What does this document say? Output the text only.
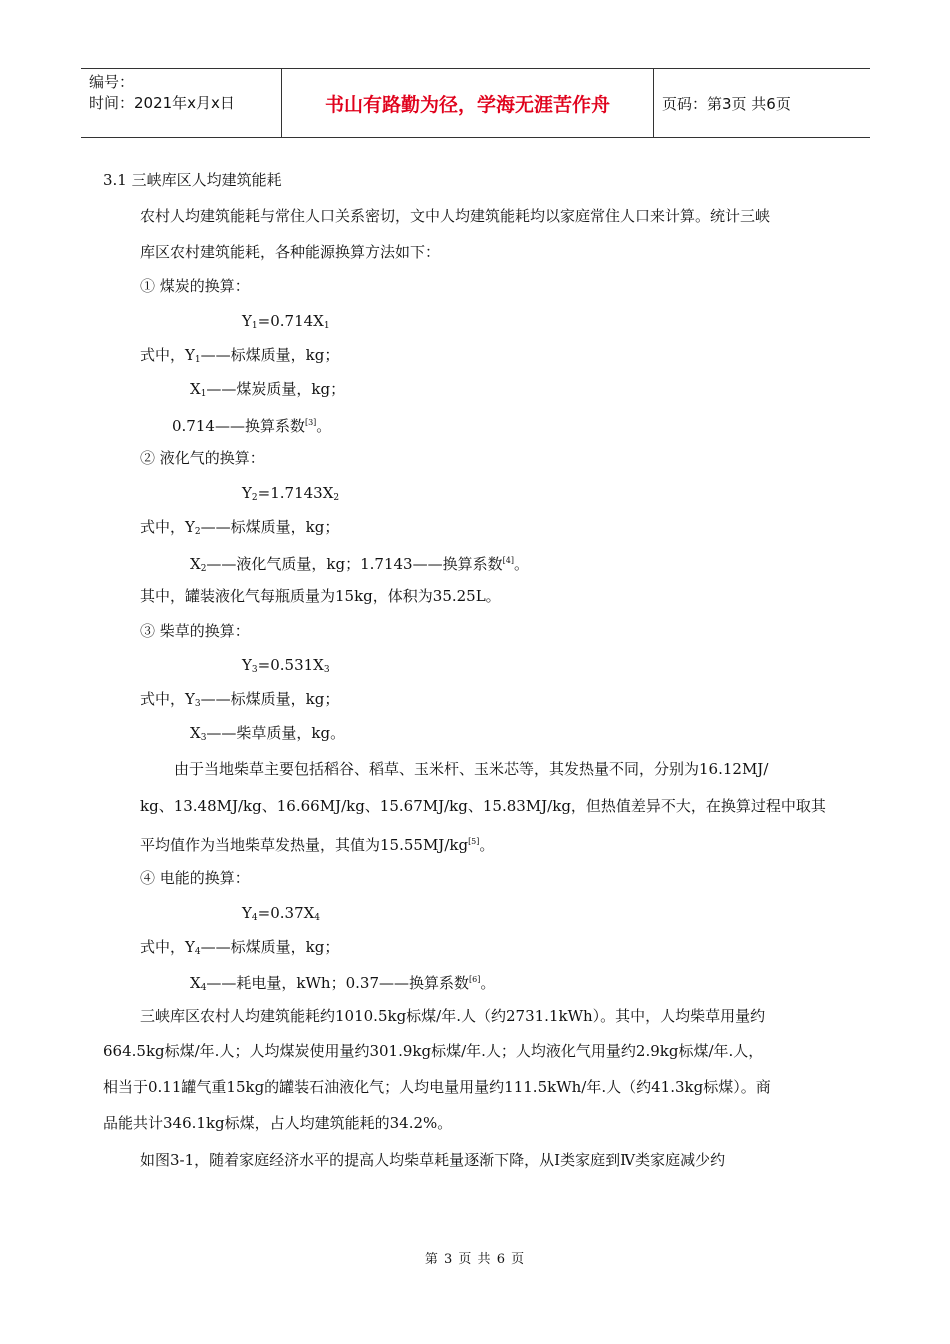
编号：
时间：2021年x月x日	书山有路勤为径，学海无涯苦作舟	页码：第3页 共6页
3.1 三峡库区人均建筑能耗
农村人均建筑能耗与常住人口关系密切，文中人均建筑能耗均以家庭常住人口来计算。统计三峡
库区农村建筑能耗，各种能源换算方法如下：
① 煤炭的换算：
$Y_1=0.714X_1$
式中，$Y_1——$标煤质量，kg；
$X_1——$煤炭质量，kg；
0.714——换算系数[3]。
② 液化气的换算：
$Y_2=1.7143X_2$
式中，$Y_2——$标煤质量，kg；
$X_2——$液化气质量，kg；1.7143——换算系数[4]。
其中，罐装液化气每瓶质量为15kg，体积为35.25L。
③ 柴草的换算：
$Y_3=0.531X_3$
式中，$Y_3——$标煤质量，kg；
$X_3——$柴草质量，kg。
由于当地柴草主要包括稻谷、稻草、玉米杆、玉米芯等，其发热量不同，分别为16.12MJ/
kg、13.48MJ/kg、16.66MJ/kg、15.67MJ/kg、15.83MJ/kg，但热值差异不大，在换算过程中取其
平均值作为当地柴草发热量，其值为15.55MJ/kg[5]。
④ 电能的换算：
$Y_4=0.37X_4$
式中，$Y_4——$标煤质量，kg；
$X_4——$耗电量，kWh；0.37——换算系数[6]。
三峡库区农村人均建筑能耗约1010.5kg标煤/年.人（约2731.1kWh）。其中，人均柴草用量约
664.5kg标煤/年.人；人均煤炭使用量约301.9kg标煤/年.人；人均液化气用量约2.9kg标煤/年.人，
相当于0.11罐气重15kg的罐装石油液化气；人均电量用量约111.5kWh/年.人（约41.3kg标煤）。商
品能共计346.1kg标煤，占人均建筑能耗的34.2%。
如图3-1，随着家庭经济水平的提高人均柴草耗量逐渐下降，从Ⅰ类家庭到Ⅳ类家庭减少约
第 3 页 共 6 页
